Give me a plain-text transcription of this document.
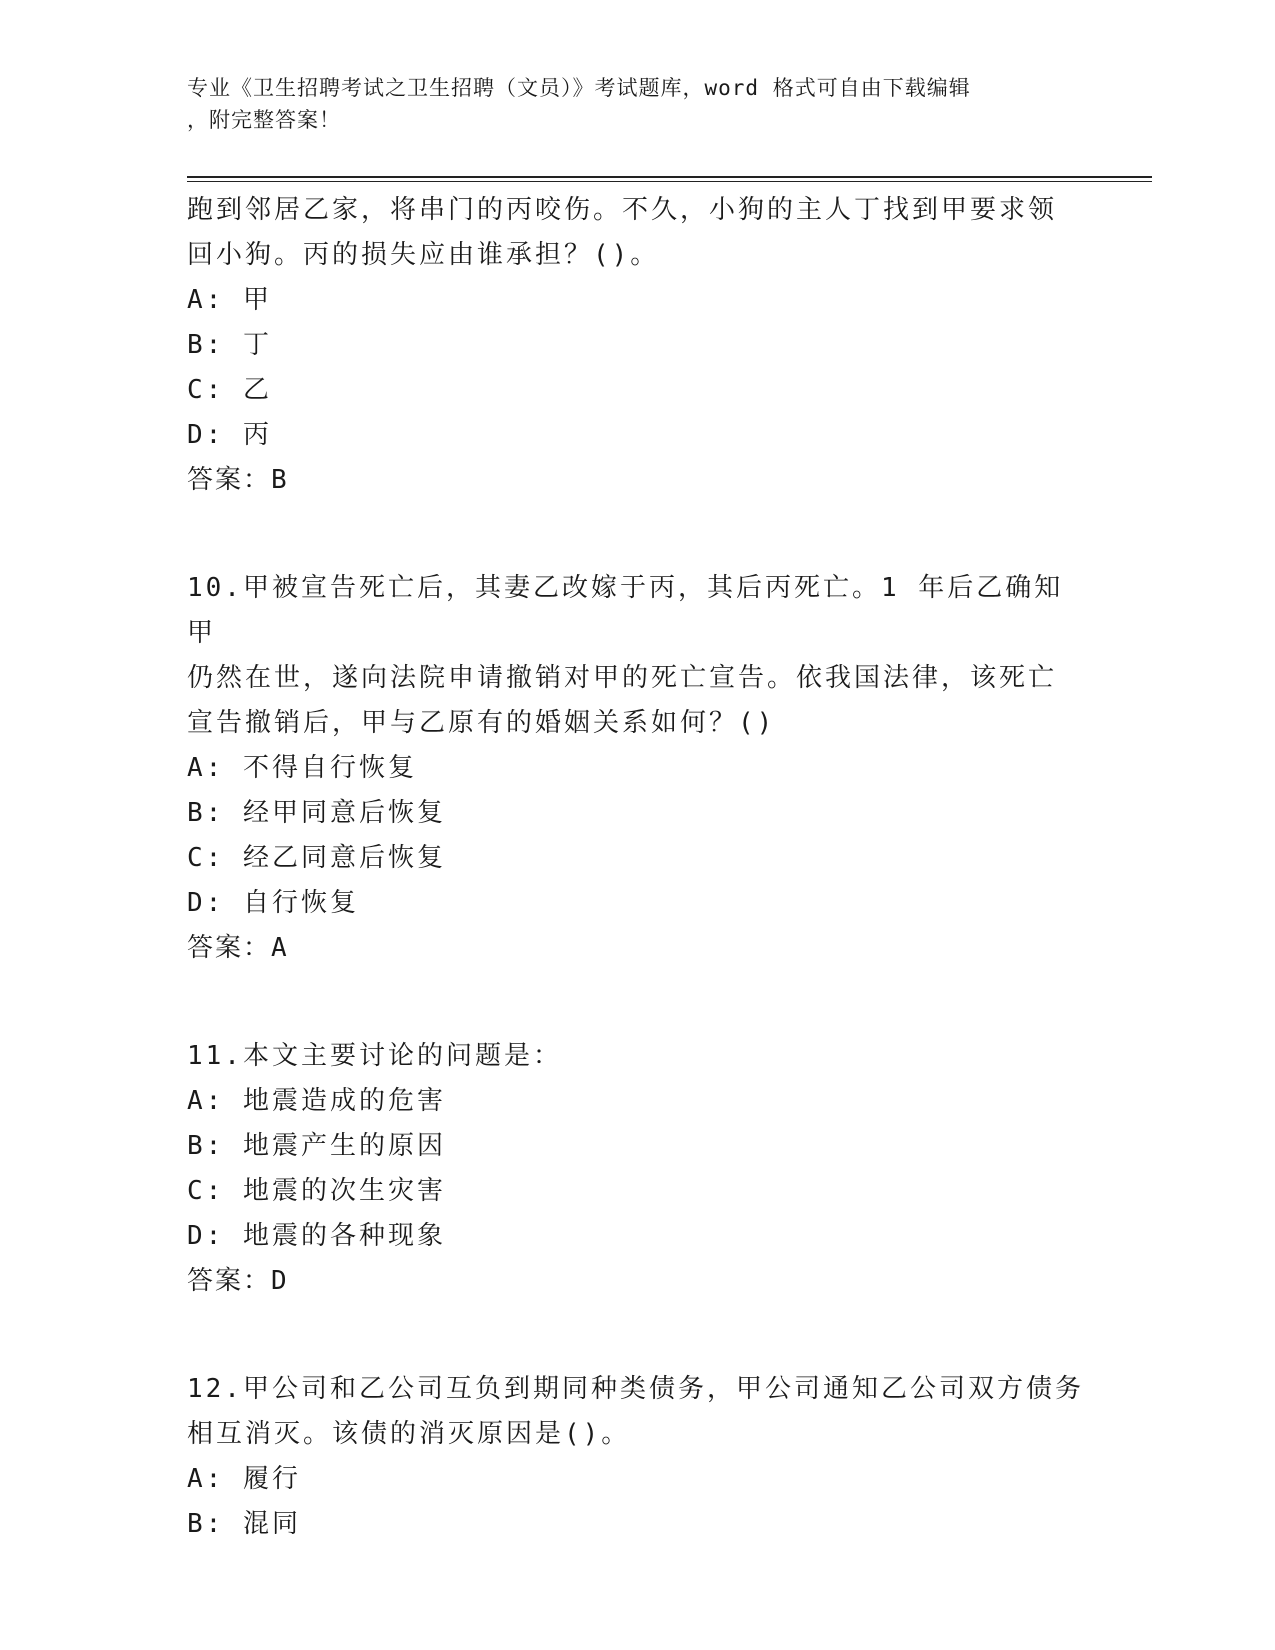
专业《卫生招聘考试之卫生招聘（文员）》考试题库，word 格式可自由下载编辑
，附完整答案！

跑到邻居乙家，将串门的丙咬伤。不久，小狗的主人丁找到甲要求领

回小狗。丙的损失应由谁承担？()。

A: 甲

B: 丁

C: 乙

D: 丙

答案：B

10.甲被宣告死亡后，其妻乙改嫁于丙，其后丙死亡。1 年后乙确知甲

仍然在世，遂向法院申请撤销对甲的死亡宣告。依我国法律，该死亡

宣告撤销后，甲与乙原有的婚姻关系如何？()

A: 不得自行恢复

B: 经甲同意后恢复

C: 经乙同意后恢复

D: 自行恢复

答案：A

11.本文主要讨论的问题是：

A: 地震造成的危害

B: 地震产生的原因

C: 地震的次生灾害

D: 地震的各种现象

答案：D

12.甲公司和乙公司互负到期同种类债务，甲公司通知乙公司双方债务

相互消灭。该债的消灭原因是()。

A: 履行

B: 混同
